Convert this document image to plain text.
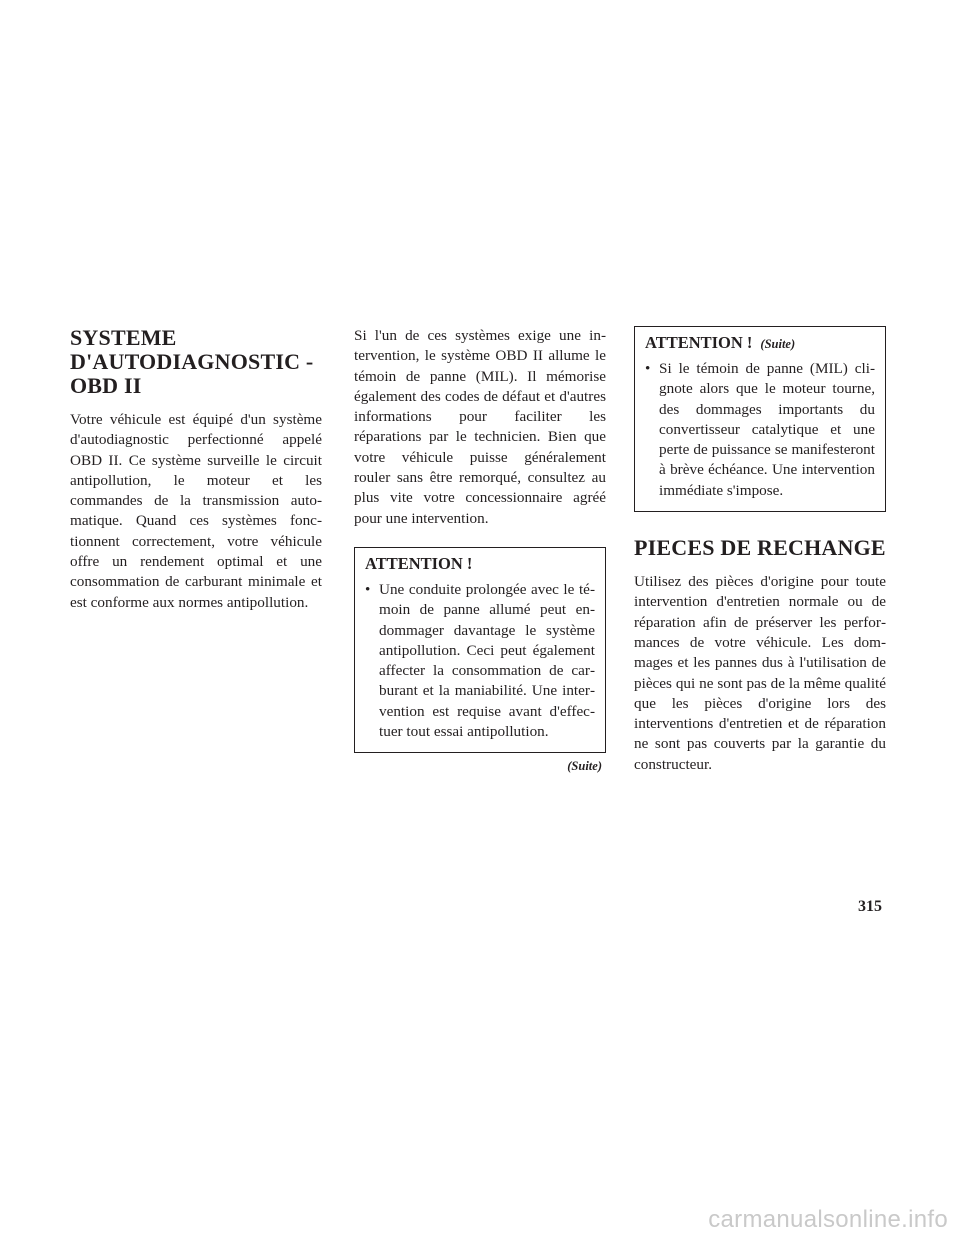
SYSTEME D'AUTODIAGNOSTIC - OBD II

Votre véhicule est équipé d'un système d'autodiagnostic perfectionné appelé OBD II. Ce système surveille le circuit antipollution, le moteur et les commandes de la transmission automatique. Quand ces systèmes fonctionnent correctement, votre véhicule offre un rendement optimal et une consommation de carburant minimale et est conforme aux normes antipollution.

Si l'un de ces systèmes exige une intervention, le système OBD II allume le témoin de panne (MIL). Il mémorise également des codes de défaut et d'autres informations pour faciliter les réparations par le technicien. Bien que votre véhicule puisse généralement rouler sans être remorqué, consultez au plus vite votre concessionnaire agréé pour une intervention.

ATTENTION !
• Une conduite prolongée avec le témoin de panne allumé peut endommager davantage le système antipollution. Ceci peut également affecter la consommation de carburant et la maniabilité. Une intervention est requise avant d'effectuer tout essai antipollution.
(Suite)
ATTENTION ! (Suite)
• Si le témoin de panne (MIL) clignote alors que le moteur tourne, des dommages importants du convertisseur catalytique et une perte de puissance se manifesteront à brève échéance. Une intervention immédiate s'impose.
PIECES DE RECHANGE

Utilisez des pièces d'origine pour toute intervention d'entretien normale ou de réparation afin de préserver les performances de votre véhicule. Les dommages et les pannes dus à l'utilisation de pièces qui ne sont pas de la même qualité que les pièces d'origine lors des interventions d'entretien et de réparation ne sont pas couverts par la garantie du constructeur.

315
carmanualsonline.info
